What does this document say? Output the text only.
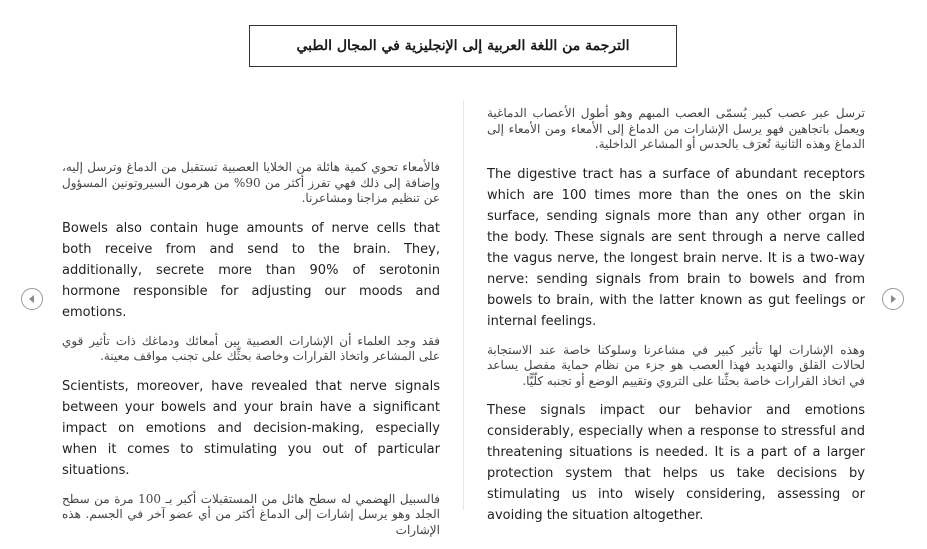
الترجمة من اللغة العربية إلى الإنجليزية في المجال الطبي

فالأمعاء تحوي كمية هائلة من الخلايا العصبية تستقبل من الدماغ وترسل إليه، وإضافة إلى ذلك فهي تفرز أكثر من 90% من هرمون السيروتونين المسؤول عن تنظيم مزاجنا ومشاعرنا.

Bowels also contain huge amounts of nerve cells that both receive from and send to the brain. They, additionally, secrete more than 90% of serotonin hormone responsible for adjusting our moods and emotions.

فقد وجد العلماء أن الإشارات العصبية بين أمعائك ودماغك ذات تأثير قوي على المشاعر واتخاذ القرارات وخاصة بحثِّك على تجنب مواقف معينة.

Scientists, moreover, have revealed that nerve signals between your bowels and your brain have a significant impact on emotions and decision-making, especially when it comes to stimulating you out of particular situations.

فالسبيل الهضمي له سطح هائل من المستقبلات أكبر بـ 100 مرة من سطح الجلد وهو يرسل إشارات إلى الدماغ أكثر من أي عضو آخر في الجسم. هذه الإشارات

ترسل عبر عصب كبير يُسمّى العصب المبهم وهو أطول الأعصاب الدماغية ويعمل باتجاهين فهو يرسل الإشارات من الدماغ إلى الأمعاء ومن الأمعاء إلى الدماغ وهذه الثانية تُعرَف بالحدس أو المشاعر الداخلية.

The digestive tract has a surface of abundant receptors which are 100 times more than the ones on the skin surface, sending signals more than any other organ in the body. These signals are sent through a nerve called the vagus nerve, the longest brain nerve. It is a two-way nerve: sending signals from brain to bowels and from bowels to brain, with the latter known as gut feelings or internal feelings.

وهذه الإشارات لها تأثير كبير في مشاعرنا وسلوكنا خاصة عند الاستجابة لحالات القلق والتهديد فهذا العصب هو جزء من نظام حماية مفصل يساعد في اتخاذ القرارات خاصة بحثِّنا على التروي وتقييم الوضع أو تجنبه كلّيًّا.

These signals impact our behavior and emotions considerably, especially when a response to stressful and threatening situations is needed. It is a part of a larger protection system that helps us take decisions by stimulating us into wisely considering, assessing or avoiding the situation altogether.
